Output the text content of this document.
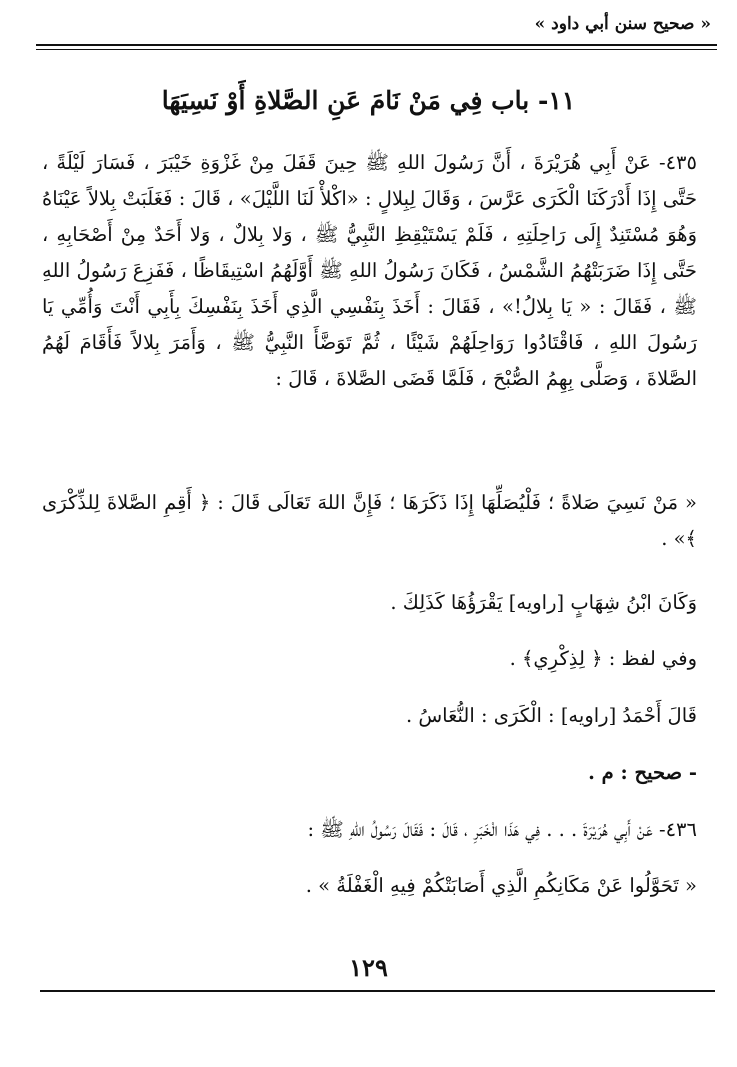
« صحيح سنن أبي داود »
١١- باب فِي مَنْ نَامَ عَنِ الصَّلاةِ أَوْ نَسِيَهَا
٤٣٥- عَنْ أَبِي هُرَيْرَةَ ، أَنَّ رَسُولَ اللهِ ﷺ حِينَ قَفَلَ مِنْ غَزْوَةِ خَيْبَرَ ، فَسَارَ لَيْلَةً ، حَتَّى إِذَا أَدْرَكَنَا الْكَرَى عَرَّسَ ، وَقَالَ لِبِلالٍ : «اكْلأْ لَنَا اللَّيْلَ» ، قَالَ : فَغَلَبَتْ بِلالاً عَيْنَاهُ وَهُوَ مُسْتَنِدٌ إِلَى رَاحِلَتِهِ ، فَلَمْ يَسْتَيْقِظِ النَّبِيُّ ﷺ ، وَلا بِلالٌ ، وَلا أَحَدٌ مِنْ أَصْحَابِهِ ، حَتَّى إِذَا ضَرَبَتْهُمُ الشَّمْسُ ، فَكَانَ رَسُولُ اللهِ ﷺ أَوَّلَهُمُ اسْتِيقَاظًا ، فَفَزِعَ رَسُولُ اللهِ ﷺ ، فَقَالَ : « يَا بِلالُ!» ، فَقَالَ : أَخَذَ بِنَفْسِي الَّذِي أَخَذَ بِنَفْسِكَ بِأَبِي أَنْتَ وَأُمِّي يَا رَسُولَ اللهِ ، فَاقْتَادُوا رَوَاحِلَهُمْ شَيْئًا ، ثُمَّ تَوَضَّأَ النَّبِيُّ ﷺ ، وَأَمَرَ بِلالاً فَأَقَامَ لَهُمُ الصَّلاةَ ، وَصَلَّى بِهِمُ الصُّبْحَ ، فَلَمَّا قَضَى الصَّلاةَ ، قَالَ :
« مَنْ نَسِيَ صَلاةً ؛ فَلْيُصَلِّهَا إِذَا ذَكَرَهَا ؛ فَإِنَّ اللهَ تَعَالَى قَالَ : ﴿ أَقِمِ الصَّلاةَ لِلذِّكْرَى ﴾» .
وَكَانَ ابْنُ شِهَابٍ [راويه] يَقْرَؤُهَا كَذَلِكَ .
وفي لفظ : ﴿ لِذِكْرِي﴾ .
قَالَ أَحْمَدُ [راويه] : الْكَرَى : النُّعَاسُ .
- صحيح : م .
٤٣٦- عَنْ أَبِي هُرَيْرَةَ . . . فِي هَذَا الْخَبَرِ ، قَالَ : فَقَالَ رَسُولُ اللهِ ﷺ :
« تَحَوَّلُوا عَنْ مَكَانِكُمِ الَّذِي أَصَابَتْكُمْ فِيهِ الْغَفْلَةُ » .
١٢٩
